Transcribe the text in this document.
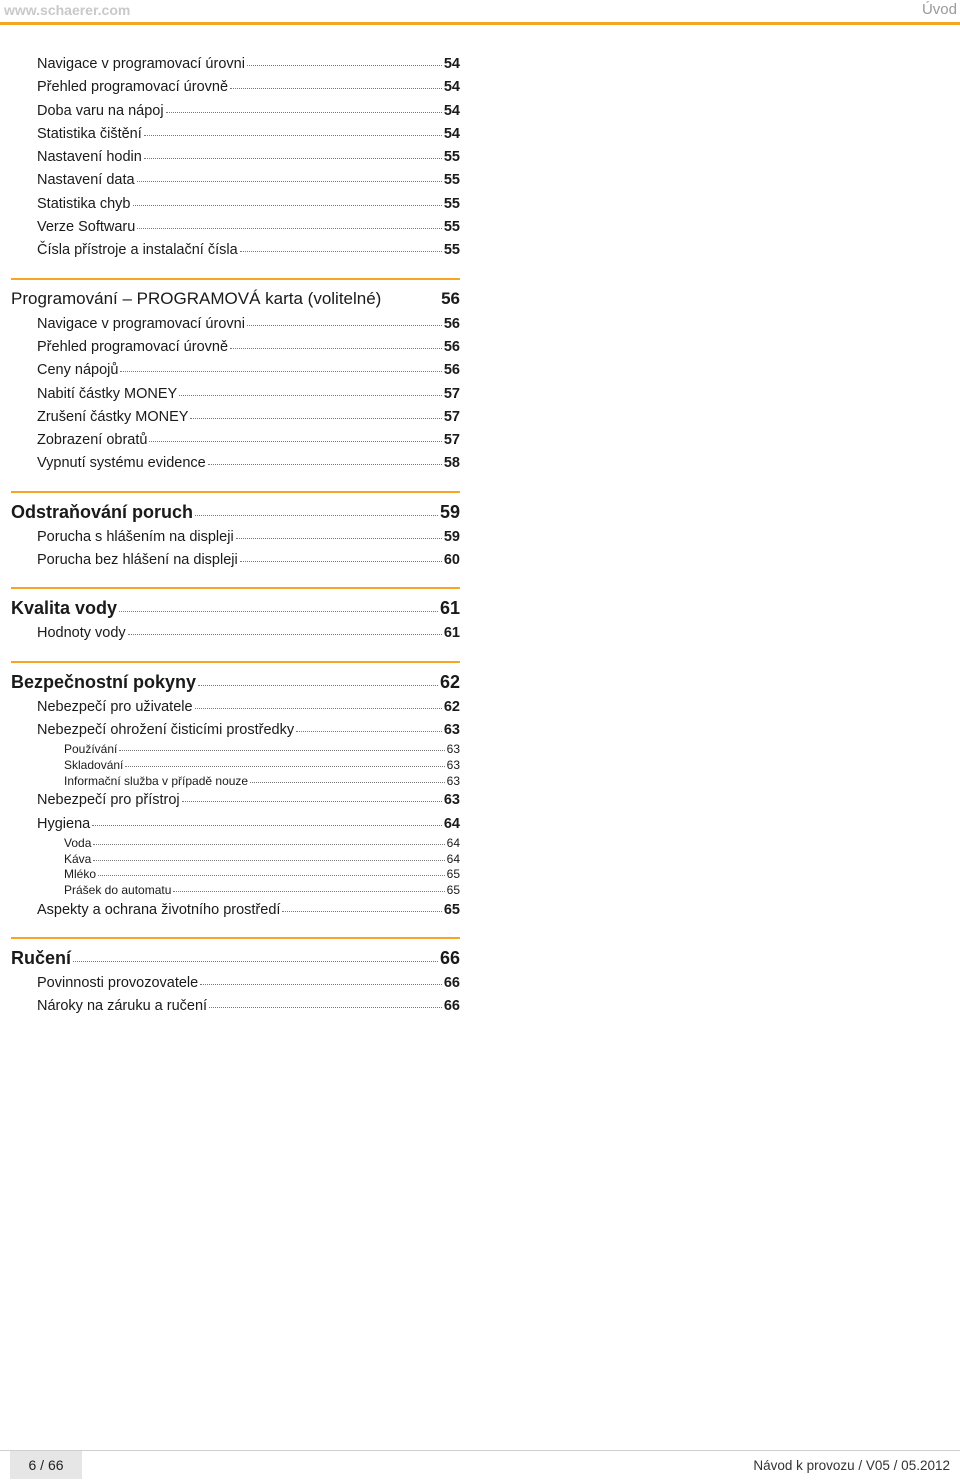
www.schaerer.com	Úvod
Navigace v programovací úrovni	54
Přehled programovací úrovně	54
Doba varu na nápoj	54
Statistika čištění	54
Nastavení hodin	55
Nastavení data	55
Statistika chyb	55
Verze Softwaru	55
Čísla přístroje a instalační čísla	55
Programování – PROGRAMOVÁ karta (volitelné)	56
Navigace v programovací úrovni	56
Přehled programovací úrovně	56
Ceny nápojů	56
Nabití částky MONEY	57
Zrušení částky MONEY	57
Zobrazení obratů	57
Vypnutí systému evidence	58
Odstraňování poruch	59
Porucha s hlášením na displeji	59
Porucha bez hlášení na displeji	60
Kvalita vody	61
Hodnoty vody	61
Bezpečnostní pokyny	62
Nebezpečí pro uživatele	62
Nebezpečí ohrožení čisticími prostředky	63
Používání	63
Skladování	63
Informační služba v případě nouze	63
Nebezpečí pro přístroj	63
Hygiena	64
Voda	64
Káva	64
Mléko	65
Prášek do automatu	65
Aspekty a ochrana životního prostředí	65
Ručení	66
Povinnosti provozovatele	66
Nároky na záruku a ručení	66
6 / 66	Návod k provozu / V05 / 05.2012
